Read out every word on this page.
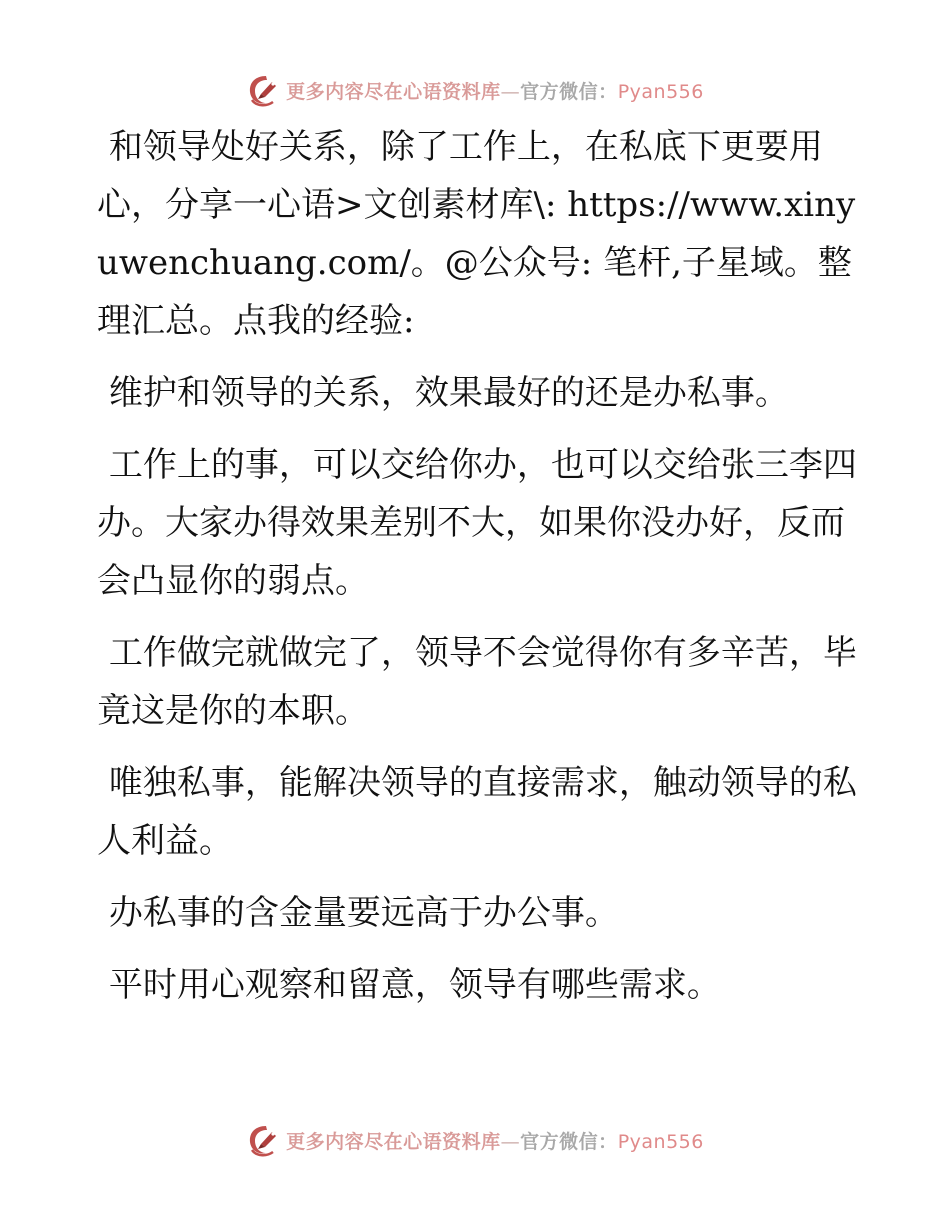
更多内容尽在心语资料库—官方微信：Pyan556

和领导处好关系，除了工作上，在私底下更要用心，分享一心语>文创素材库\: https://www.xinyuwenchuang.com/。@公众号: 笔杆,子星域。整理汇总。点我的经验:

维护和领导的关系，效果最好的还是办私事。

工作上的事，可以交给你办，也可以交给张三李四办。大家办得效果差别不大，如果你没办好，反而会凸显你的弱点。

工作做完就做完了，领导不会觉得你有多辛苦，毕竟这是你的本职。

唯独私事，能解决领导的直接需求，触动领导的私人利益。

办私事的含金量要远高于办公事。

平时用心观察和留意，领导有哪些需求。

更多内容尽在心语资料库—官方微信：Pyan556
